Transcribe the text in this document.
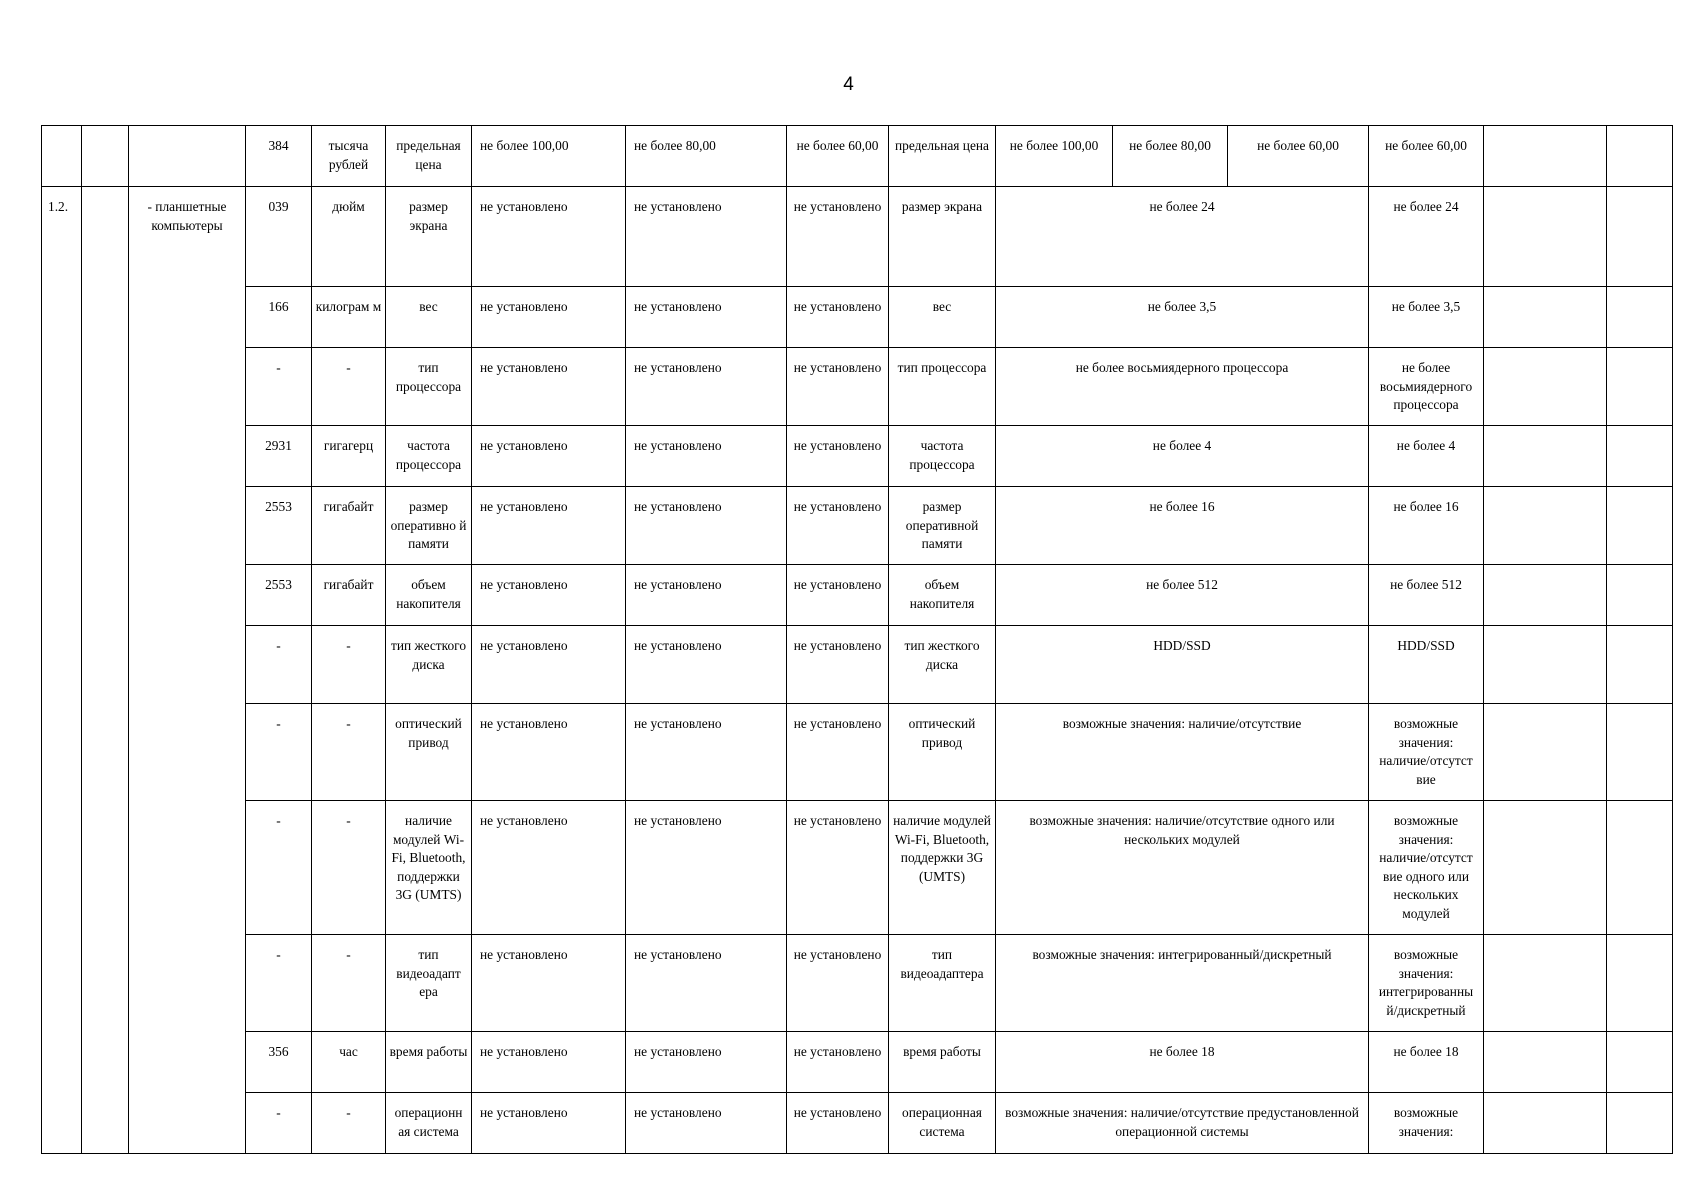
4
			384	тысяча рублей	предельная цена	не более 100,00	не более 80,00	не более 60,00	предельная цена	не более 100,00	не более 80,00	не более 60,00	не более 60,00		
1.2.		- планшетные компьютеры	039	дюйм	размер экрана	не установлено	не установлено	не установлено	размер экрана	не более 24			не более 24		
			166	килограм м	вес	не установлено	не установлено	не установлено	вес	не более 3,5			не более 3,5		
			-	-	тип процессора	не установлено	не установлено	не установлено	тип процессора	не более восьмиядерного процессора			не более восьмиядерного процессора		
			2931	гигагерц	частота процессора	не установлено	не установлено	не установлено	частота процессора	не более 4			не более 4		
			2553	гигабайт	размер оперативно й памяти	не установлено	не установлено	не установлено	размер оперативной памяти	не более 16			не более 16		
			2553	гигабайт	объем накопителя	не установлено	не установлено	не установлено	объем накопителя	не более 512			не более 512		
			-	-	тип жесткого диска	не установлено	не установлено	не установлено	тип жесткого диска	HDD/SSD			HDD/SSD		
			-	-	оптический привод	не установлено	не установлено	не установлено	оптический привод	возможные значения: наличие/отсутствие			возможные значения: наличие/отсутст вие		
			-	-	наличие модулей Wi-Fi, Bluetooth, поддержки 3G (UMTS)	не установлено	не установлено	не установлено	наличие модулей Wi-Fi, Bluetooth, поддержки 3G (UMTS)	возможные значения: наличие/отсутствие одного или нескольких модулей			возможные значения: наличие/отсутст вие одного или нескольких модулей		
			-	-	тип видеоадапт ера	не установлено	не установлено	не установлено	тип видеоадаптера	возможные значения: интегрированный/дискретный			возможные значения: интегрированны й/дискретный		
			356	час	время работы	не установлено	не установлено	не установлено	время работы	не более 18			не более 18		
			-	-	операционн ая система	не установлено	не установлено	не установлено	операционная система	возможные значения: наличие/отсутствие предустановленной операционной системы			возможные значения:		
